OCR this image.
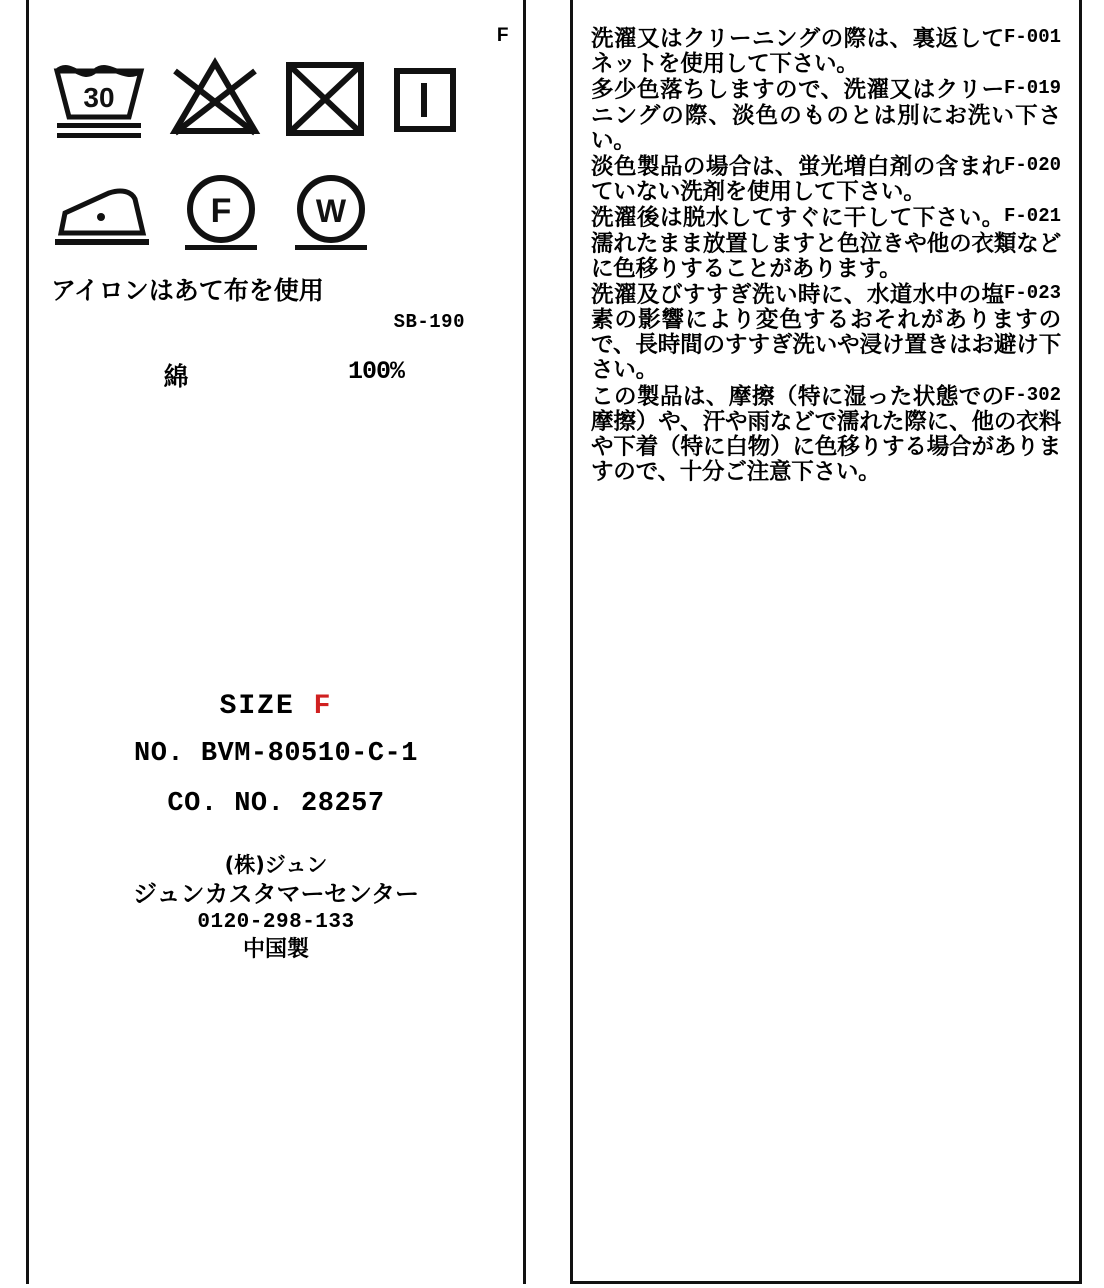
F
30
F	W
アイロンはあて布を使用
SB-190
綿	100%
SIZE F
NO. BVM-80510-C-1
CO. NO. 28257
(株)ジュン
ジュンカスタマーセンター
0120-298-133
中国製
F-001
洗濯又はクリーニングの際は、裏返してネットを使用して下さい。
F-019
多少色落ちしますので、洗濯又はクリーニングの際、淡色のものとは別にお洗い下さい。
F-020
淡色製品の場合は、蛍光増白剤の含まれていない洗剤を使用して下さい。
F-021
洗濯後は脱水してすぐに干して下さい。濡れたまま放置しますと色泣きや他の衣類などに色移りすることがあります。
F-023
洗濯及びすすぎ洗い時に、水道水中の塩素の影響により変色するおそれがありますので、長時間のすすぎ洗いや浸け置きはお避け下さい。
F-302
この製品は、摩擦（特に湿った状態での摩擦）や、汗や雨などで濡れた際に、他の衣料や下着（特に白物）に色移りする場合がありますので、十分ご注意下さい。
